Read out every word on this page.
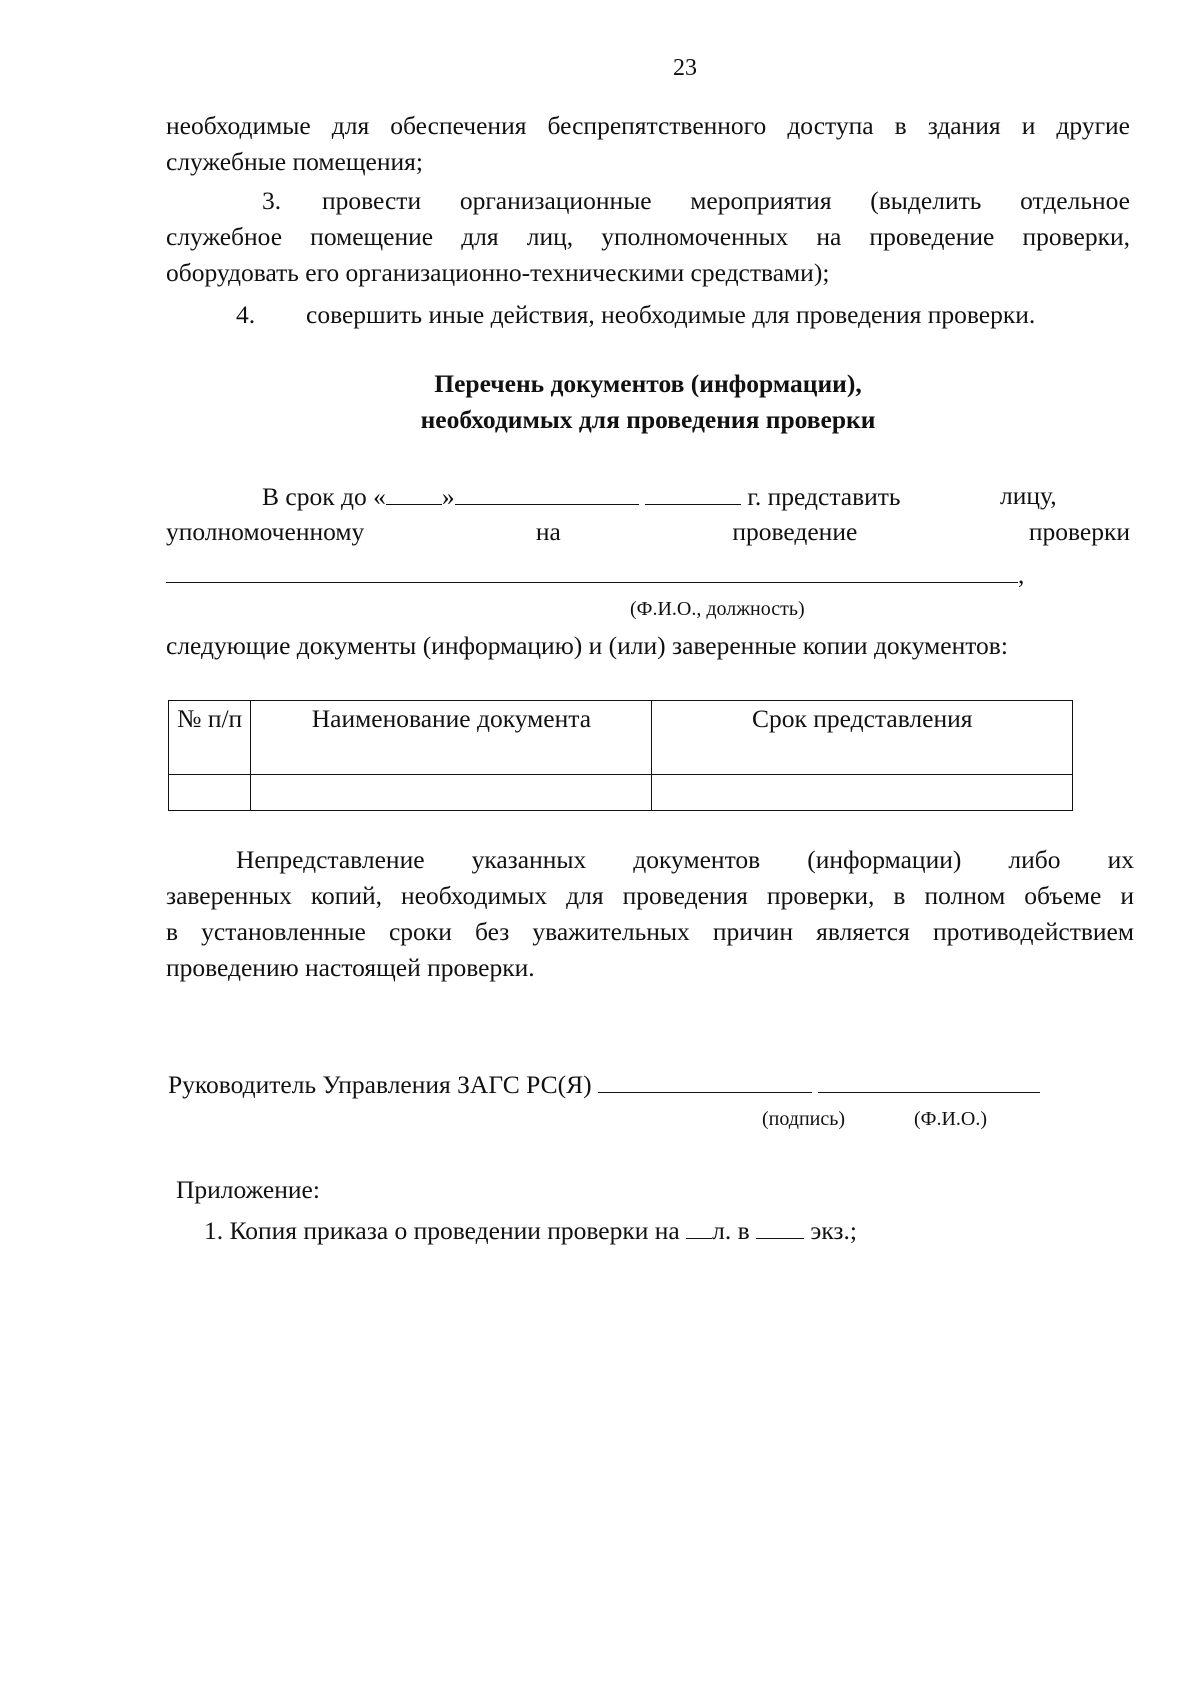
23
необходимые для обеспечения беспрепятственного доступа в здания и другие
служебные помещения;
3. провести организационные мероприятия (выделить отдельное
служебное помещение для лиц, уполномоченных на проведение проверки,
оборудовать его организационно-техническими средствами);
4. совершить иные действия, необходимые для проведения проверки.
Перечень документов (информации),
необходимых для проведения проверки
В срок до « »	г. представить	лицу,
уполномоченному на проведение проверки
,
(Ф.И.О., должность)
следующие документы (информацию) и (или) заверенные копии документов:
№ п/п	Наименование документа	Срок представления

Непредставление указанных документов (информации) либо их
заверенных копий, необходимых для проведения проверки, в полном объеме и
в установленные сроки без уважительных причин является противодействием
проведению настоящей проверки.
Руководитель Управления ЗАГС РС(Я)
(подпись)	(Ф.И.О.)
Приложение:
1. Копия приказа о проведении проверки на л. в экз.;
